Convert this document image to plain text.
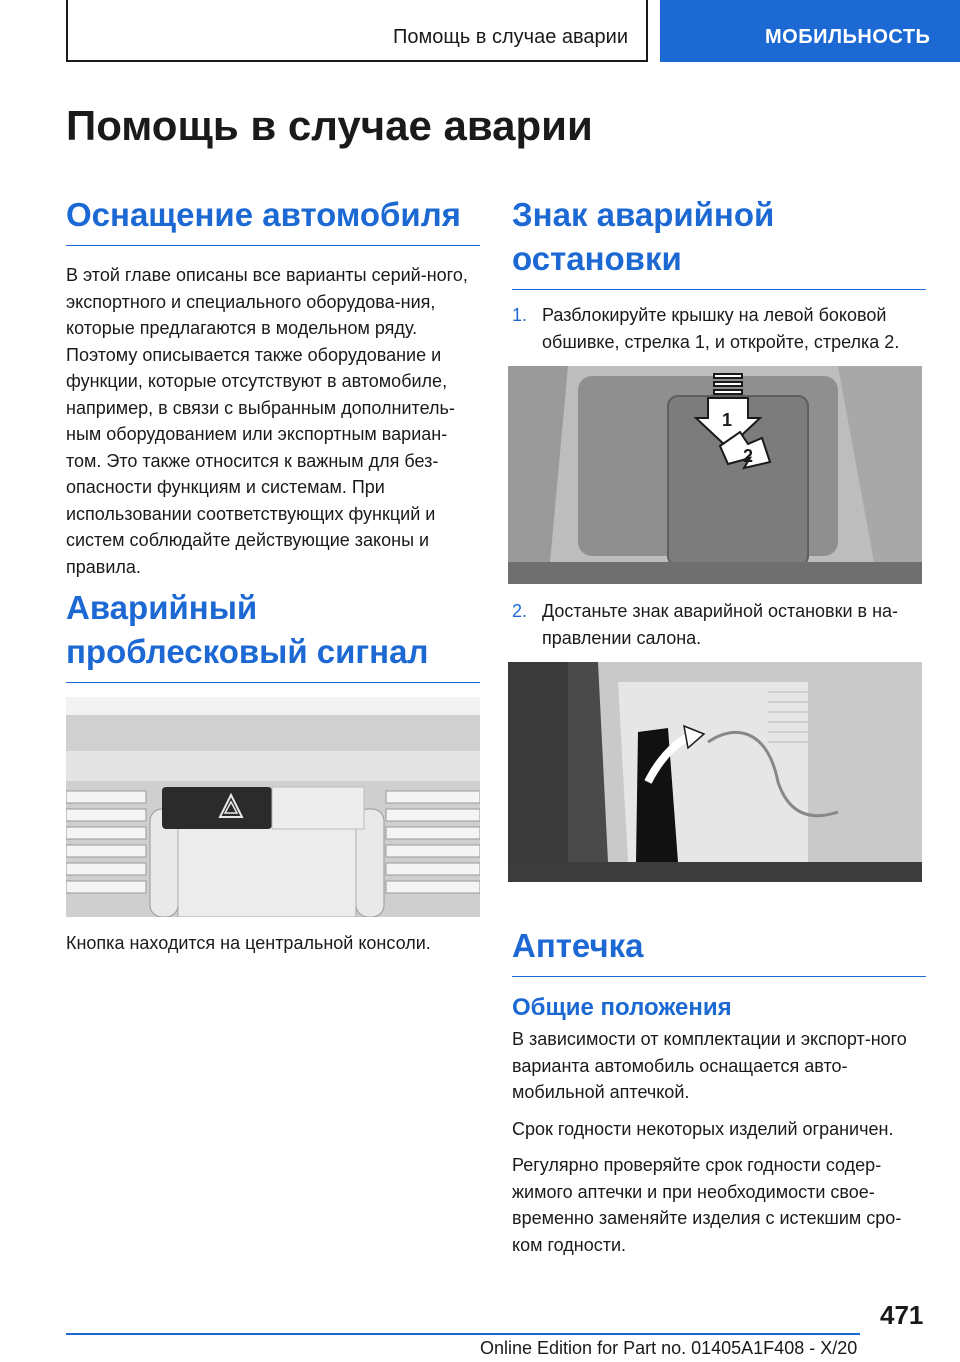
Помощь в случае аварии	МОБИЛЬНОСТЬ
Помощь в случае аварии
Оснащение автомобиля

В этой главе описаны все варианты серий-ного, экспортного и специального оборудова-ния, которые предлагаются в модельном ряду. Поэтому описывается также оборудование и функции, которые отсутствуют в автомобиле, например, в связи с выбранным дополнитель-ным оборудованием или экспортным вариан-том. Это также относится к важным для без-опасности функциям и системам. При использовании соответствующих функций и систем соблюдайте действующие законы и правила.

Аварийный проблесковый сигнал

Кнопка находится на центральной консоли.

Знак аварийной остановки
1. Разблокируйте крышку на левой боковой обшивке, стрелка 1, и откройте, стрелка 2.
1
2
2. Достаньте знак аварийной остановки в на-правлении салона.
Аптечка
Общие положения

В зависимости от комплектации и экспорт-ного варианта автомобиль оснащается авто-мобильной аптечкой.

Срок годности некоторых изделий ограничен.

Регулярно проверяйте срок годности содер-жимого аптечки и при необходимости свое-временно заменяйте изделия с истекшим сро-ком годности.

471
Online Edition for Part no. 01405A1F408 - X/20
